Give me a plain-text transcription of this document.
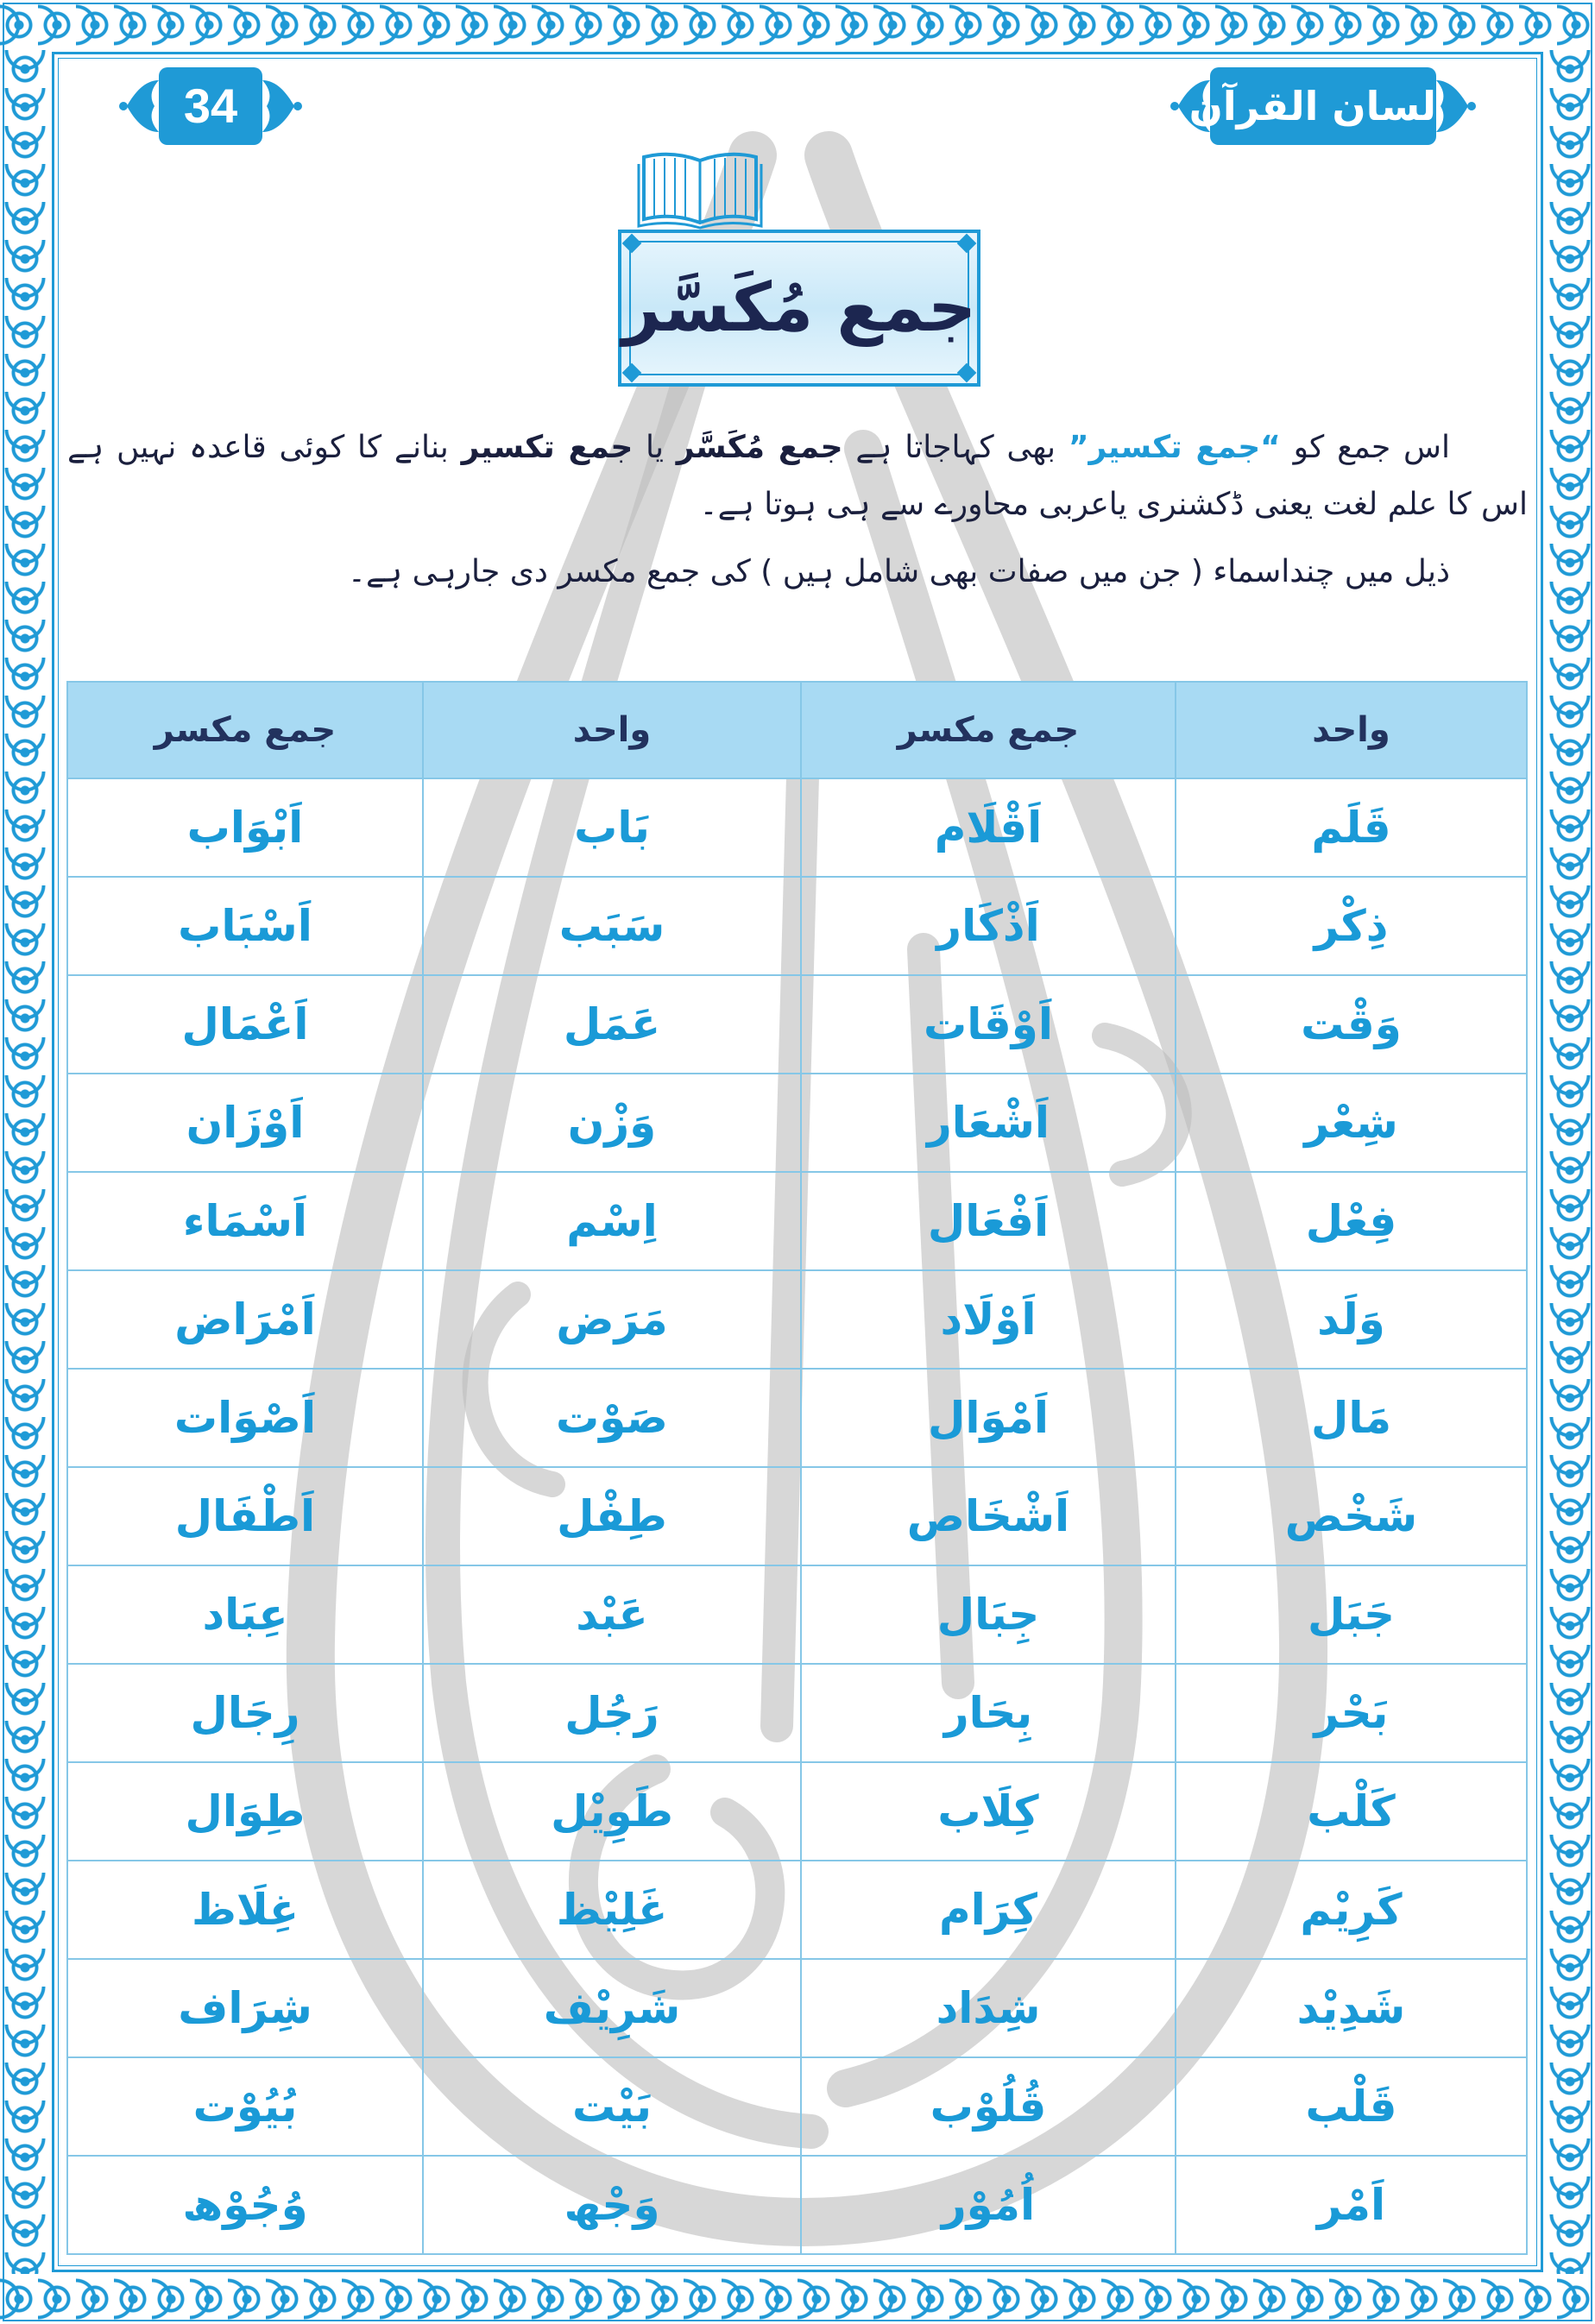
34	لسان القرآن
جمع مُکَسَّر

اس جمع کو “جمع تکسیر” بھی کہاجاتا ہے جمع مُکَسَّر یا جمع تکسیر بنانے کا کوئی قاعدہ نہیں ہے اس کا علم لغت یعنی ڈکشنری یاعربی محاورے سے ہی ہوتا ہے۔

ذیل میں چنداسماء ( جن میں صفات بھی شامل ہیں ) کی جمع مکسر دی جارہی ہے۔

واحد	جمع مکسر	واحد	جمع مکسر
قَلَم	اَقْلَام	بَاب	اَبْوَاب
ذِکْر	اَذْکَار	سَبَب	اَسْبَاب
وَقْت	اَوْقَات	عَمَل	اَعْمَال
شِعْر	اَشْعَار	وَزْن	اَوْزَان
فِعْل	اَفْعَال	اِسْم	اَسْمَاء
وَلَد	اَوْلَاد	مَرَض	اَمْرَاض
مَال	اَمْوَال	صَوْت	اَصْوَات
شَخْص	اَشْخَاص	طِفْل	اَطْفَال
جَبَل	جِبَال	عَبْد	عِبَاد
بَحْر	بِحَار	رَجُل	رِجَال
کَلْب	کِلَاب	طَوِیْل	طِوَال
کَرِیْم	کِرَام	غَلِیْظ	غِلَاظ
شَدِیْد	شِدَاد	شَرِیْف	شِرَاف
قَلْب	قُلُوْب	بَیْت	بُیُوْت
اَمْر	اُمُوْر	وَجْھ	وُجُوْھ
